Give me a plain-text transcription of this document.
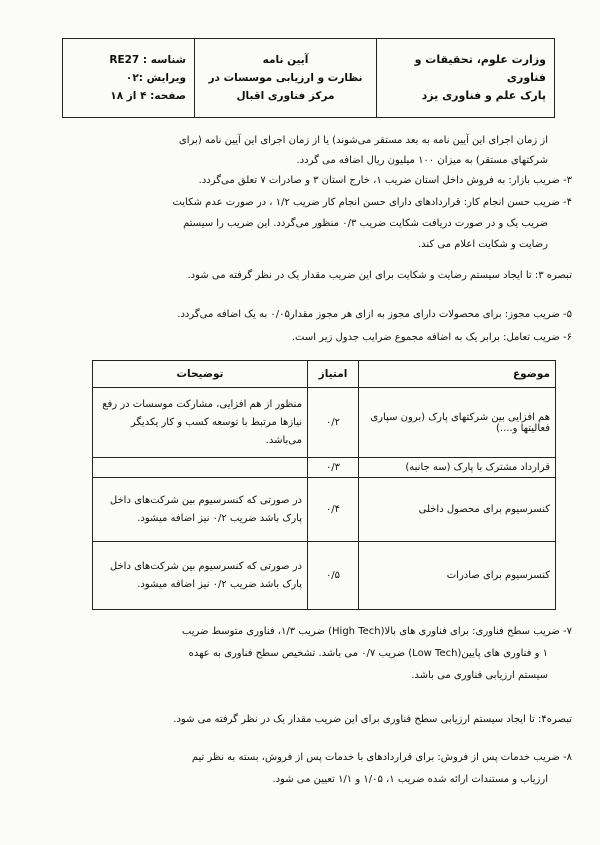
وزارت علوم، تحقیقات و فناوری
پارک علم و فناوری یزد
آیین نامه
نظارت و ارزیابی موسسات در
مرکز فناوری اقبال
شناسه : RE27
ویرایش :۰۲
صفحه: ۴ از ۱۸
از زمان اجرای این آیین نامه به بعد مستقر می‌شوند) یا از زمان اجرای این آیین نامه (برای
شرکتهای مستقر) به میزان ۱۰۰ میلیون ریال اضافه می گردد.
۳- ضریب بازار: به فروش داخل استان ضریب ۱، خارج استان ۳ و صادرات ۷ تعلق می‌گردد.
۴- ضریب حسن انجام کار: قراردادهای دارای حسن انجام کار ضریب ۱/۲ ، در صورت عدم شکایت
ضریب یک و در صورت دریافت شکایت ضریب ۰/۳ منظور می‌گردد. این ضریب را سیستم
رضایت و شکایت اعلام می کند.
تبصره ۳: تا ایجاد سیستم رضایت و شکایت برای این ضریب مقدار یک در نظر گرفته می شود.
۵- ضریب مجوز: برای محصولات دارای مجوز به ازای هر مجوز مقدار۰/۰۵ به یک اضافه می‌گردد.
۶- ضریب تعامل: برابر یک به اضافه مجموع ضرایب جدول زیر است.
موضوع	امتیاز	توضیحات
هم افزایی بین شرکتهای پارک (برون سپاری فعالیتها و....)	۰/۲	منظور از هم افزایی، مشارکت موسسات در رفع نیازها مرتبط با توسعه کسب و کار یکدیگر می‌باشد.
قرارداد مشترک با پارک (سه جانبه)	۰/۳	
کنسرسیوم برای محصول داخلی	۰/۴	در صورتی که کنسرسیوم بین شرکت‌های داخل پارک باشد ضریب ۰/۲ نیز اضافه میشود.
کنسرسیوم برای صادرات	۰/۵	در صورتی که کنسرسیوم بین شرکت‌های داخل پارک باشد ضریب ۰/۲ نیز اضافه میشود.
۷- ضریب سطح فناوری: برای فناوری های بالا(High Tech) ضریب ۱/۳، فناوری متوسط ضریب
۱ و فناوری های پایین(Low Tech) ضریب ۰/۷ می باشد. تشخیص سطح فناوری به عهده
سیستم ارزیابی فناوری می باشد.
تبصره۴: تا ایجاد سیستم ارزیابی سطح فناوری برای این ضریب مقدار یک در نظر گرفته می شود.
۸- ضریب خدمات پس از فروش: برای قراردادهای با خدمات پس از فروش، بسته به نظر تیم
ارزیاب و مستندات ارائه شده ضریب ۱، ۱/۰۵ و ۱/۱ تعیین می شود.
